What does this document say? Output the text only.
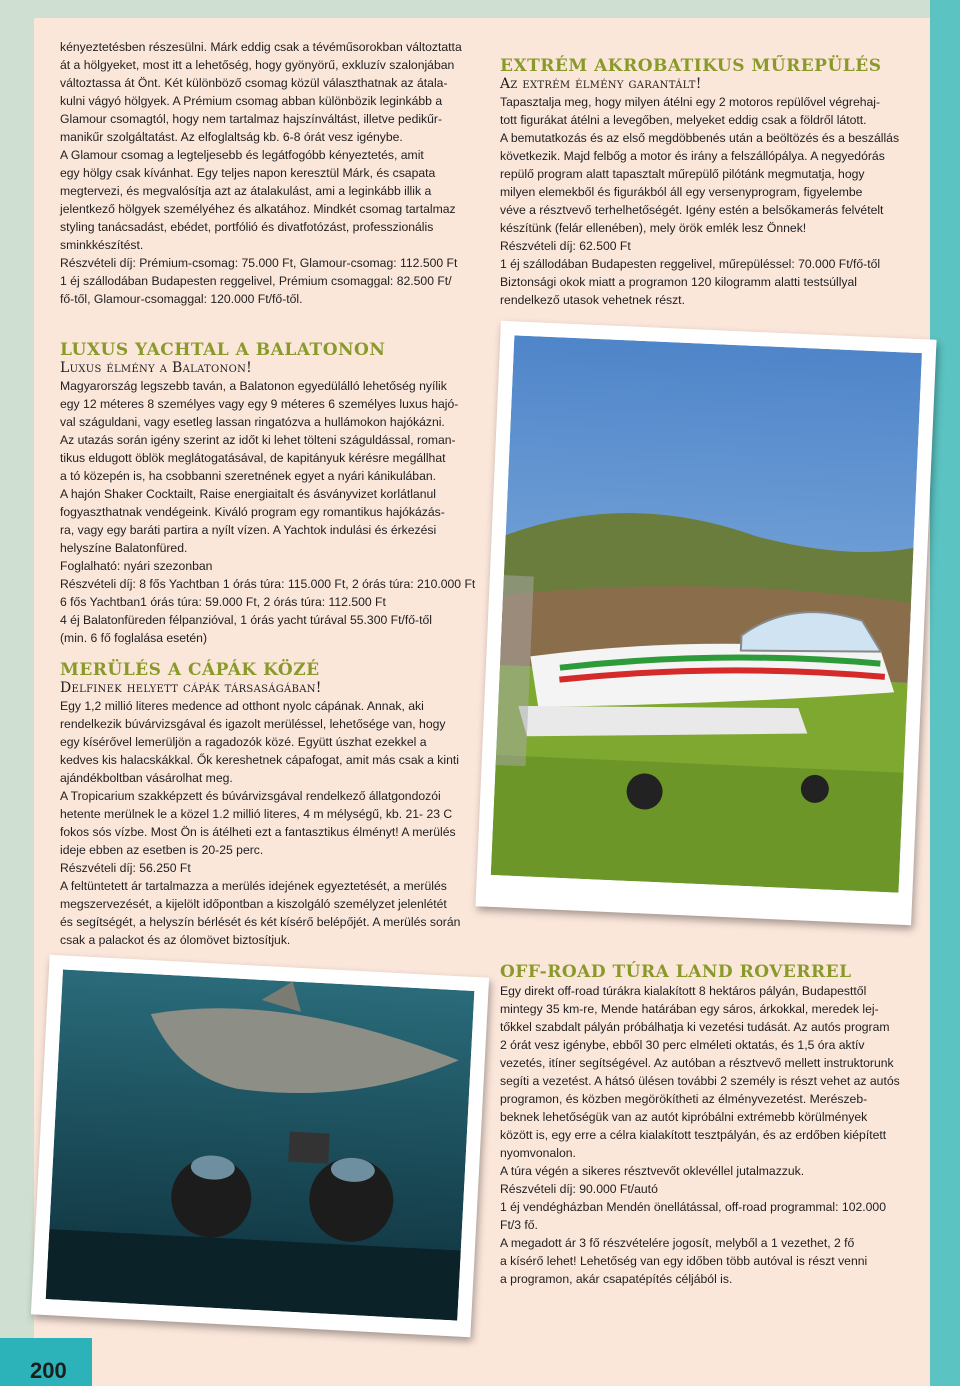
200

kényeztetésben részesülni. Márk eddig csak a tévéműsorokban változtatta

át a hölgyeket, most itt a lehetőség, hogy gyönyörű, exkluzív szalonjában

változtassa át Önt. Két különböző csomag közül választhatnak az átala-

kulni vágyó hölgyek. A Prémium csomag abban különbözik leginkább a

Glamour csomagtól, hogy nem tartalmaz hajszínváltást, illetve pedikűr-

manikűr szolgáltatást. Az elfoglaltság kb. 6-8 órát vesz igénybe.

A Glamour csomag a legteljesebb és legátfogóbb kényeztetés, amit

egy hölgy csak kívánhat. Egy teljes napon keresztül Márk, és csapata

megtervezi, és megvalósítja azt az átalakulást, ami a leginkább illik a

jelentkező hölgyek személyéhez és alkatához. Mindkét csomag tartalmaz

styling tanácsadást, ebédet, portfólió és divatfotózást, professzionális

sminkkészítést.

Részvételi díj: Prémium-csomag: 75.000 Ft, Glamour-csomag: 112.500 Ft

1 éj szállodában Budapesten reggelivel, Prémium csomaggal: 82.500 Ft/

fő-től, Glamour-csomaggal: 120.000 Ft/fő-től.

LUXUS YACHTAL A BALATONON
Luxus élmény a Balatonon!

Magyarország legszebb taván, a Balatonon egyedülálló lehetőség nyílik

egy 12 méteres 8 személyes vagy egy 9 méteres 6 személyes luxus hajó-

val száguldani, vagy esetleg lassan ringatózva a hullámokon hajókázni.

Az utazás során igény szerint az időt ki lehet tölteni száguldással, roman-

tikus eldugott öblök meglátogatásával, de kapitányuk kérésre megállhat

a tó közepén is, ha csobbanni szeretnének egyet a nyári kánikulában.

A hajón Shaker Cocktailt, Raise energiaitalt és ásványvizet korlátlanul

fogyaszthatnak vendégeink. Kiváló program egy romantikus hajókázás-

ra, vagy egy baráti partira a nyílt vízen. A Yachtok indulási és érkezési

helyszíne Balatonfüred.

Foglalható: nyári szezonban

Részvételi díj: 8 fős Yachtban 1 órás túra: 115.000 Ft, 2 órás túra: 210.000 Ft

6 fős Yachtban1 órás túra: 59.000 Ft, 2 órás túra: 112.500 Ft

4 éj Balatonfüreden félpanzióval, 1 órás yacht túrával 55.300 Ft/fő-től

(min. 6 fő foglalása esetén)

MERÜLÉS A CÁPÁK KÖZÉ
Delfinek helyett cápák társaságában!

Egy 1,2 millió literes medence ad otthont nyolc cápának. Annak, aki

rendelkezik búvárvizsgával és igazolt merüléssel, lehetősége van, hogy

egy kísérővel lemerüljön a ragadozók közé. Együtt úszhat ezekkel a

kedves kis halacskákkal. Ők kereshetnek cápafogat, amit más csak a kinti

ajándékboltban vásárolhat meg.

A Tropicarium szakképzett és búvárvizsgával rendelkező állatgondozói

hetente merülnek le a közel 1.2 millió literes, 4 m mélységű, kb. 21- 23 C

fokos sós vízbe. Most Ön is átélheti ezt a fantasztikus élményt! A merülés

ideje ebben az esetben is 20-25 perc.

Részvételi díj: 56.250 Ft

A feltüntetett ár tartalmazza a merülés idejének egyeztetését, a merülés

megszervezését, a kijelölt időpontban a kiszolgáló személyzet jelenlétét

és segítségét, a helyszín bérlését és két kísérő belépőjét. A merülés során

csak a palackot és az ólomövet biztosítjuk.

EXTRÉM AKROBATIKUS MŰREPÜLÉS
Az extrém élmény garantált!

Tapasztalja meg, hogy milyen átélni egy 2 motoros repülővel végrehaj-

tott figurákat átélni a levegőben, melyeket eddig csak a földről látott.

A bemutatkozás és az első megdöbbenés után a beöltözés és a beszállás

következik. Majd felbőg a motor és irány a felszállópálya. A negyedórás

repülő program alatt tapasztalt műrepülő pilótánk megmutatja, hogy

milyen elemekből és figurákból áll egy versenyprogram, figyelembe

véve a résztvevő terhelhetőségét. Igény estén a belsőkamerás felvételt

készítünk (felár ellenében), mely örök emlék lesz Önnek!

Részvételi díj: 62.500 Ft

1 éj szállodában Budapesten reggelivel, műrepüléssel: 70.000 Ft/fő-től

Biztonsági okok miatt a programon 120 kilogramm alatti testsúllyal

rendelkező utasok vehetnek részt.

OFF-ROAD TÚRA LAND ROVERREL

Egy direkt off-road túrákra kialakított 8 hektáros pályán, Budapesttől

mintegy 35 km-re, Mende határában egy sáros, árkokkal, meredek lej-

tőkkel szabdalt pályán próbálhatja ki vezetési tudását. Az autós program

2 órát vesz igénybe, ebből 30 perc elméleti oktatás, és 1,5 óra aktív

vezetés, itíner segítségével. Az autóban a résztvevő mellett instruktorunk

segíti a vezetést. A hátsó ülésen további 2 személy is részt vehet az autós

programon, és közben megörökítheti az élményvezetést. Merészeb-

beknek lehetőségük van az autót kipróbálni extrémebb körülmények

között is, egy erre a célra kialakított tesztpályán, és az erdőben kiépített

nyomvonalon.

A túra végén a sikeres résztvevőt oklevéllel jutalmazzuk.

Részvételi díj: 90.000 Ft/autó

1 éj vendégházban Mendén önellátással, off-road programmal: 102.000

Ft/3 fő.

A megadott ár 3 fő részvételére jogosít, melyből a 1 vezethet, 2 fő

a kísérő lehet! Lehetőség van egy időben több autóval is részt venni

a programon, akár csapatépítés céljából is.
